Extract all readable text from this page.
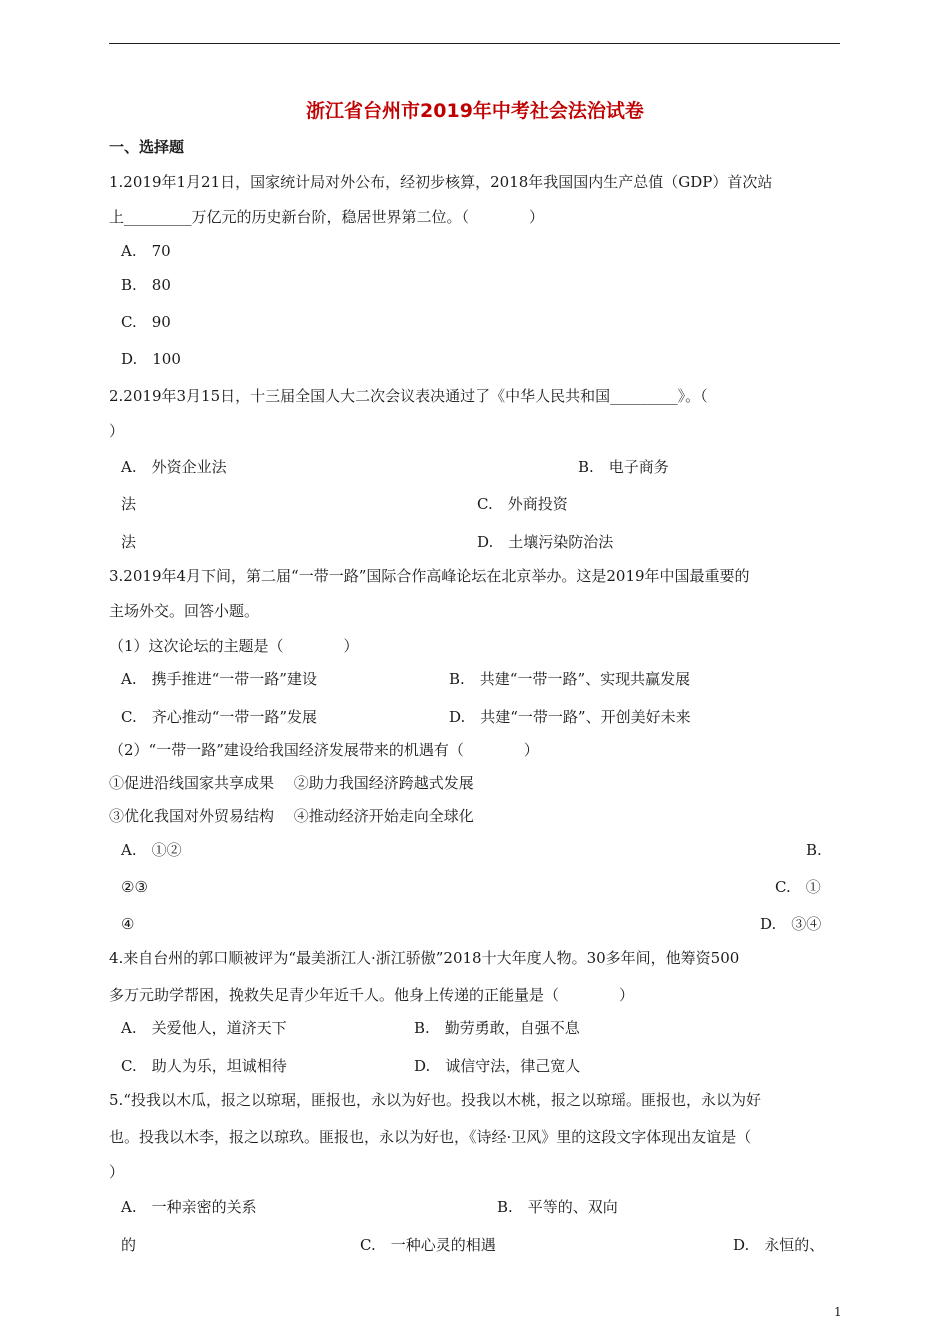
浙江省台州市2019年中考社会法治试卷
一、选择题
1.2019年1月21日，国家统计局对外公布，经初步核算，2018年我国国内生产总值（GDP）首次站
上_________万亿元的历史新台阶，稳居世界第二位。（　　　　）
A.　70
B.　80
C.　90
D.　100
2.2019年3月15日，十三届全国人大二次会议表决通过了《中华人民共和国_________》。（
）
A.　外资企业法	B.　电子商务
法	C.　外商投资
法	D.　土壤污染防治法
3.2019年4月下间，第二届“一带一路”国际合作高峰论坛在北京举办。这是2019年中国最重要的
主场外交。回答小题。
（1）这次论坛的主题是（　　　　）
A.　携手推进“一带一路”建设	B.　共建“一带一路”、实现共赢发展
C.　齐心推动“一带一路”发展	D.　共建“一带一路”、开创美好未来
（2）“一带一路”建设给我国经济发展带来的机遇有（　　　　）
①促进沿线国家共享成果　 ②助力我国经济跨越式发展
③优化我国对外贸易结构　 ④推动经济开始走向全球化
A.　①②	B.
②③	C.　①
④	D.　③④
4.来自台州的郭口顺被评为“最美浙江人·浙江骄傲”2018十大年度人物。30多年间，他筹资500
多万元助学帮困，挽救失足青少年近千人。他身上传递的正能量是（　　　　）
A.　关爱他人，道济天下	B.　勤劳勇敢，自强不息
C.　助人为乐，坦诚相待	D.　诚信守法，律己宽人
5.“投我以木瓜，报之以琼琚，匪报也，永以为好也。投我以木桃，报之以琼瑶。匪报也，永以为好
也。投我以木李，报之以琼玖。匪报也，永以为好也，《诗经·卫风》里的这段文字体现出友谊是（
）
A.　一种亲密的关系	B.　平等的、双向
的	C.　一种心灵的相遇	D.　永恒的、
1
